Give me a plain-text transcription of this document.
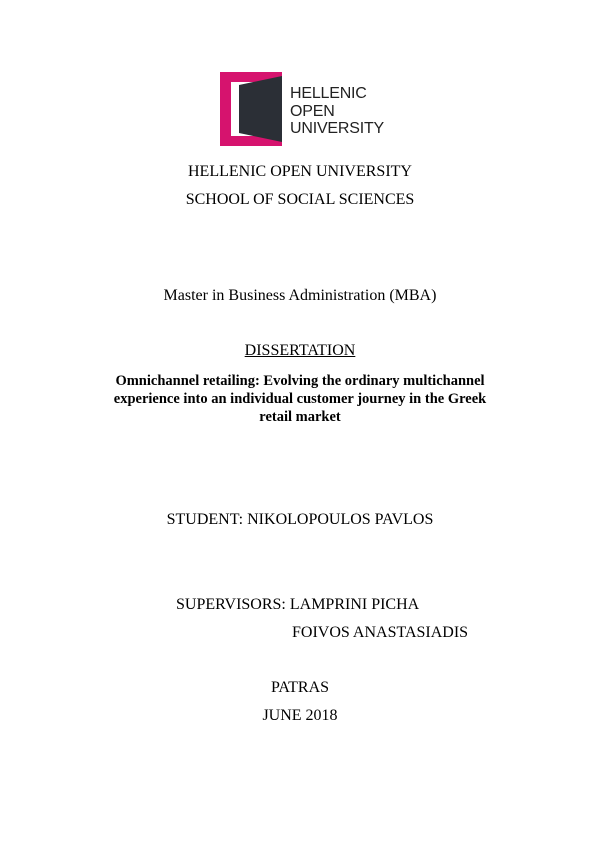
HELLENIC
OPEN
UNIVERSITY
HELLENIC OPEN UNIVERSITY
SCHOOL OF SOCIAL SCIENCES
Master in Business Administration (MBA)
DISSERTATION
Omnichannel retailing: Evolving the ordinary multichannel
experience into an individual customer journey in the Greek
retail market
STUDENT: NIKOLOPOULOS PAVLOS
SUPERVISORS: LAMPRINI PICHA
FOIVOS ANASTASIADIS
PATRAS
JUNE 2018
